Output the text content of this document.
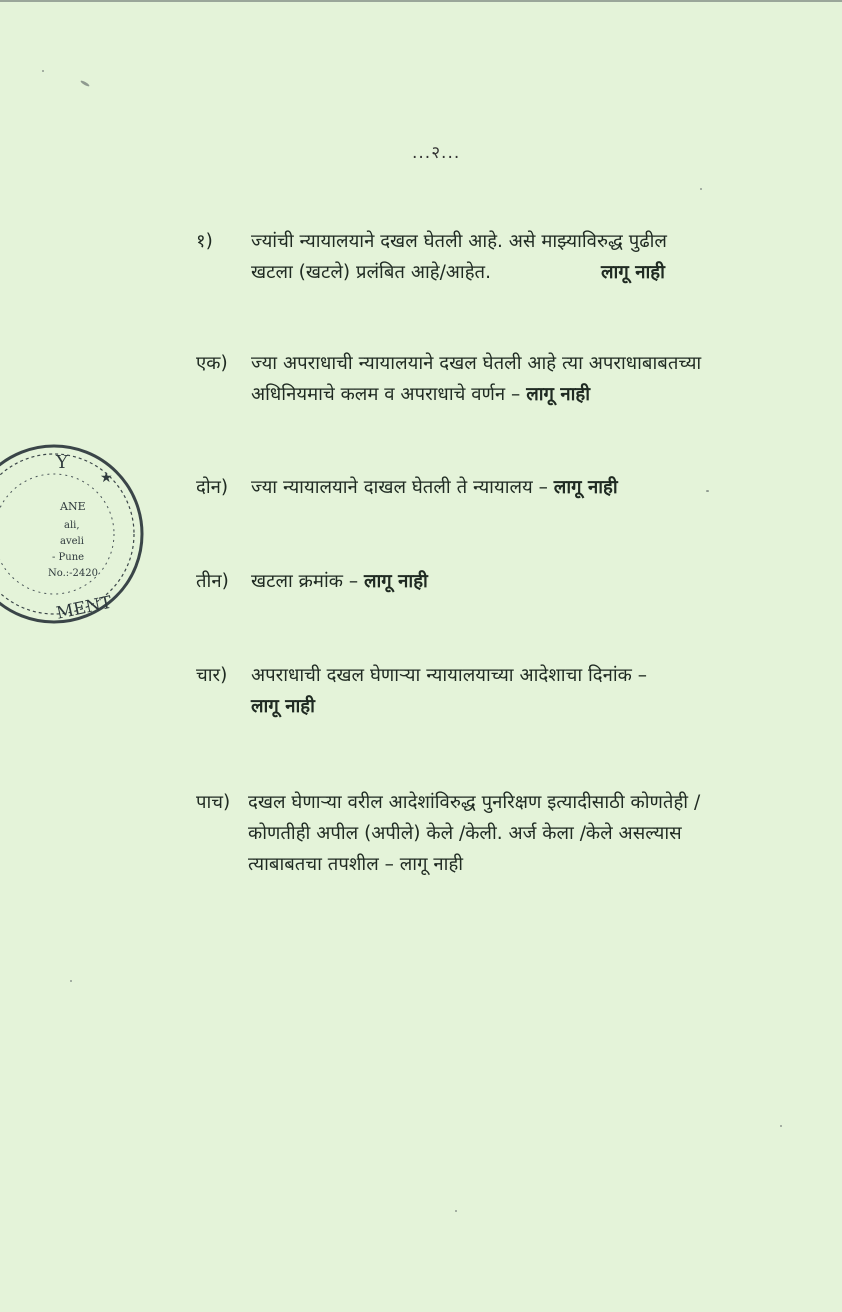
...२...
१) ज्यांची न्यायालयाने दखल घेतली आहे. असे माझ्याविरुद्ध पुढील
खटला (खटले) प्रलंबित आहे/आहेत.	लागू नाही
एक) ज्या अपराधाची न्यायालयाने दखल घेतली आहे त्या अपराधाबाबतच्या
अधिनियमाचे कलम व अपराधाचे वर्णन – लागू नाही
दोन) ज्या न्यायालयाने दाखल घेतली ते न्यायालय – लागू नाही
तीन) खटला क्रमांक – लागू नाही
चार) अपराधाची दखल घेणाऱ्या न्यायालयाच्या आदेशाचा दिनांक –
लागू नाही
पाच) दखल घेणाऱ्या वरील आदेशांविरुद्ध पुनरिक्षण इत्यादीसाठी कोणतेही /
कोणतीही अपील (अपीले) केले /केली. अर्ज केला /केले असल्यास
त्याबाबतचा तपशील – लागू नाही
Y
★
ANE
ali,
aveli
- Pune
No.:-2420
MENT
